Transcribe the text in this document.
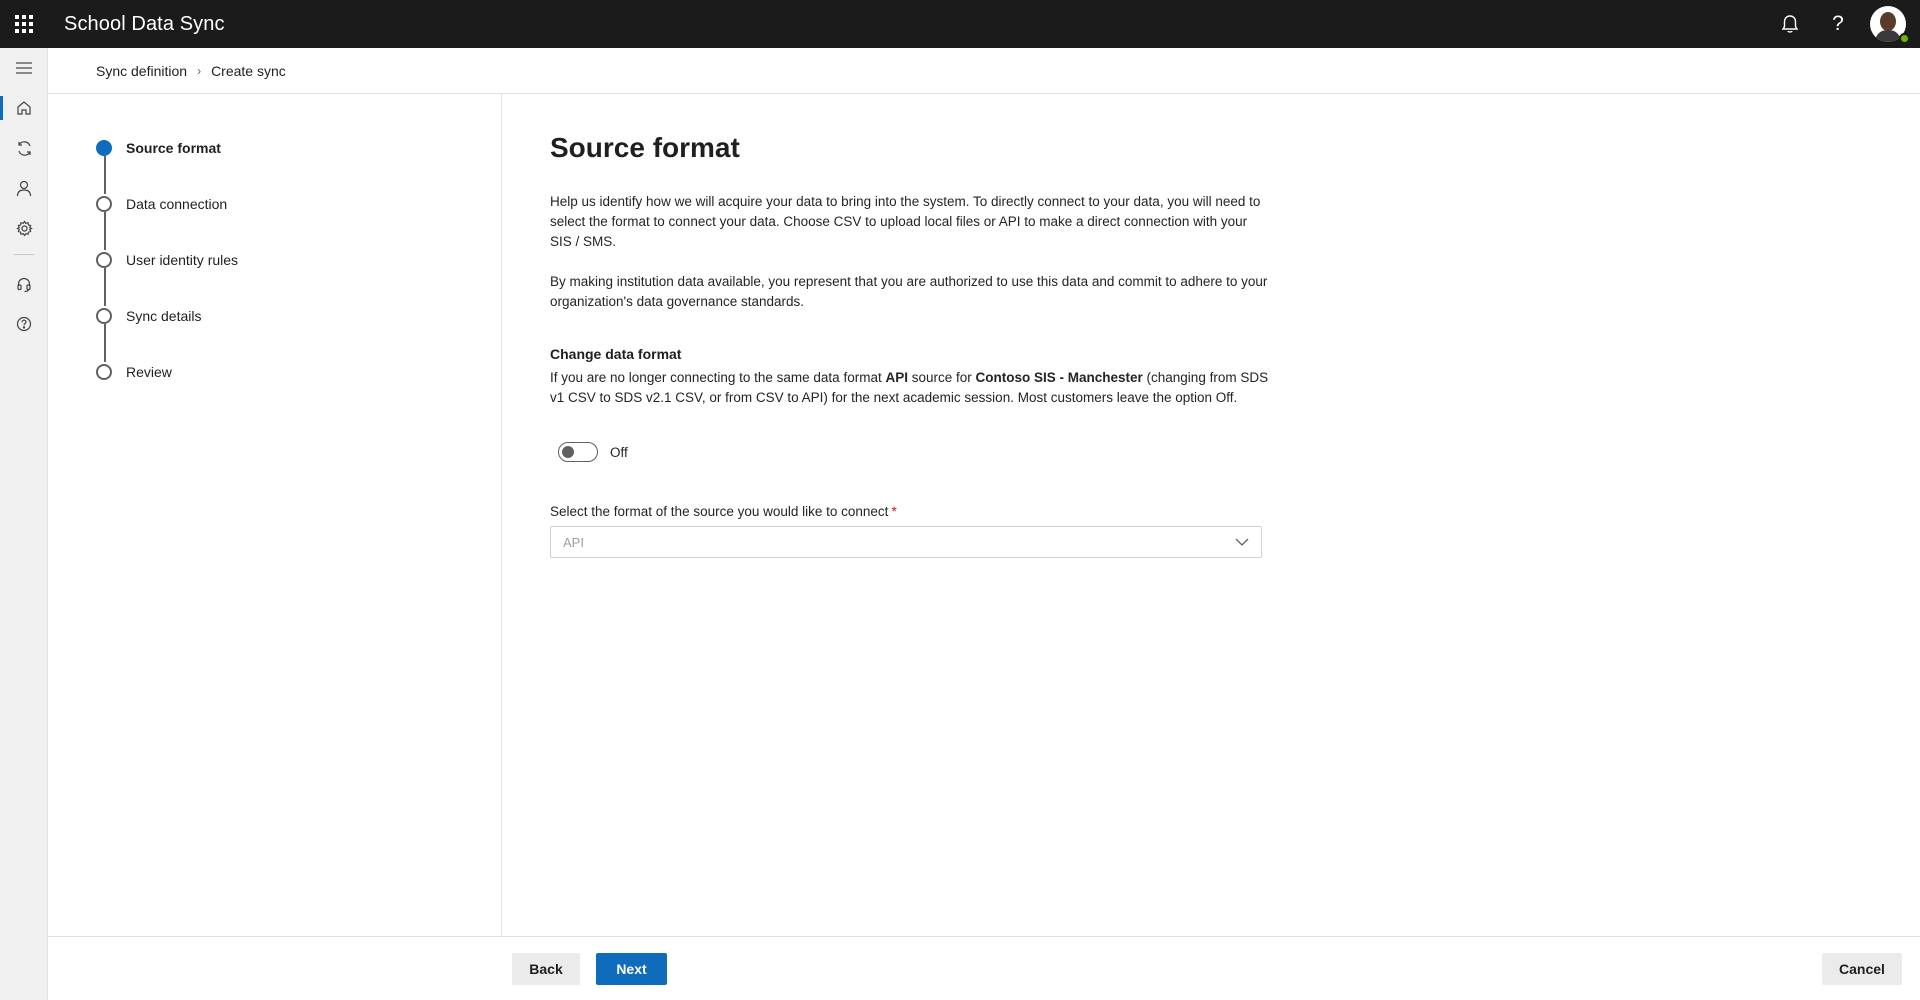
School Data Sync	?
Sync definition › Create sync
Source format
Data connection
User identity rules
Sync details
Review
Source format

Help us identify how we will acquire your data to bring into the system. To directly connect to your data, you will need to select the format to connect your data. Choose CSV to upload local files or API to make a direct connection with your SIS / SMS.

By making institution data available, you represent that you are authorized to use this data and commit to adhere to your organization's data governance standards.

Change data format

If you are no longer connecting to the same data format API source for Contoso SIS - Manchester (changing from SDS v1 CSV to SDS v2.1 CSV, or from CSV to API) for the next academic session. Most customers leave the option Off.

Off
Select the format of the source you would like to connect *
API
Back	Next	Cancel
